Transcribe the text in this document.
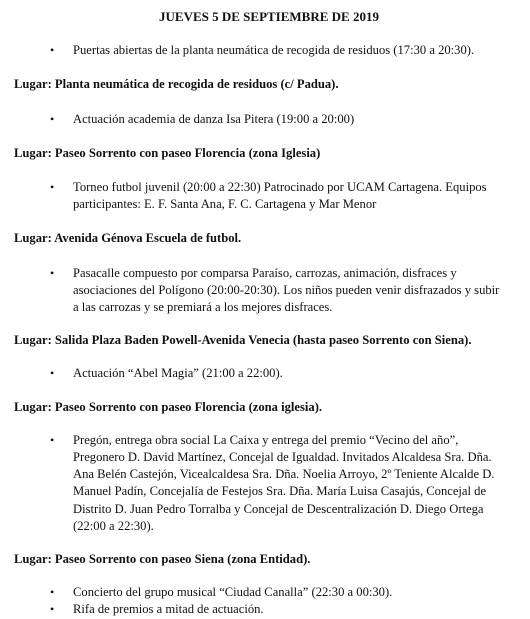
JUEVES 5 DE SEPTIEMBRE DE 2019
• Puertas abiertas de la planta neumática de recogida de residuos (17:30 a 20:30).

Lugar: Planta neumática de recogida de residuos (c/ Padua).

• Actuación academia de danza Isa Pitera (19:00 a 20:00)

Lugar: Paseo Sorrento con paseo Florencia (zona Iglesia)

• Torneo futbol juvenil (20:00 a 22:30) Patrocinado por UCAM Cartagena. Equipos participantes: E. F. Santa Ana, F. C. Cartagena y Mar Menor

Lugar: Avenida Génova Escuela de futbol.

• Pasacalle compuesto por comparsa Paraíso, carrozas, animación, disfraces y asociaciones del Polígono (20:00-20:30). Los niños pueden venir disfrazados y subir a las carrozas y se premiará a los mejores disfraces.

Lugar: Salida Plaza Baden Powell-Avenida Venecia (hasta paseo Sorrento con Siena).

• Actuación “Abel Magia” (21:00 a 22:00).

Lugar: Paseo Sorrento con paseo Florencia (zona iglesia).

• Pregón, entrega obra social La Caixa y entrega del premio “Vecino del año”, Pregonero D. David Martínez, Concejal de Igualdad. Invitados Alcaldesa Sra. Dña. Ana Belén Castejón, Vicealcaldesa Sra. Dña. Noelia Arroyo, 2º Teniente Alcalde D. Manuel Padín, Concejalía de Festejos Sra. Dña. María Luisa Casajús, Concejal de Distrito D. Juan Pedro Torralba y Concejal de Descentralización D. Diego Ortega (22:00 a 22:30).

Lugar: Paseo Sorrento con paseo Siena (zona Entidad).

• Concierto del grupo musical “Ciudad Canalla” (22:30 a 00:30).
• Rifa de premios a mitad de actuación.
